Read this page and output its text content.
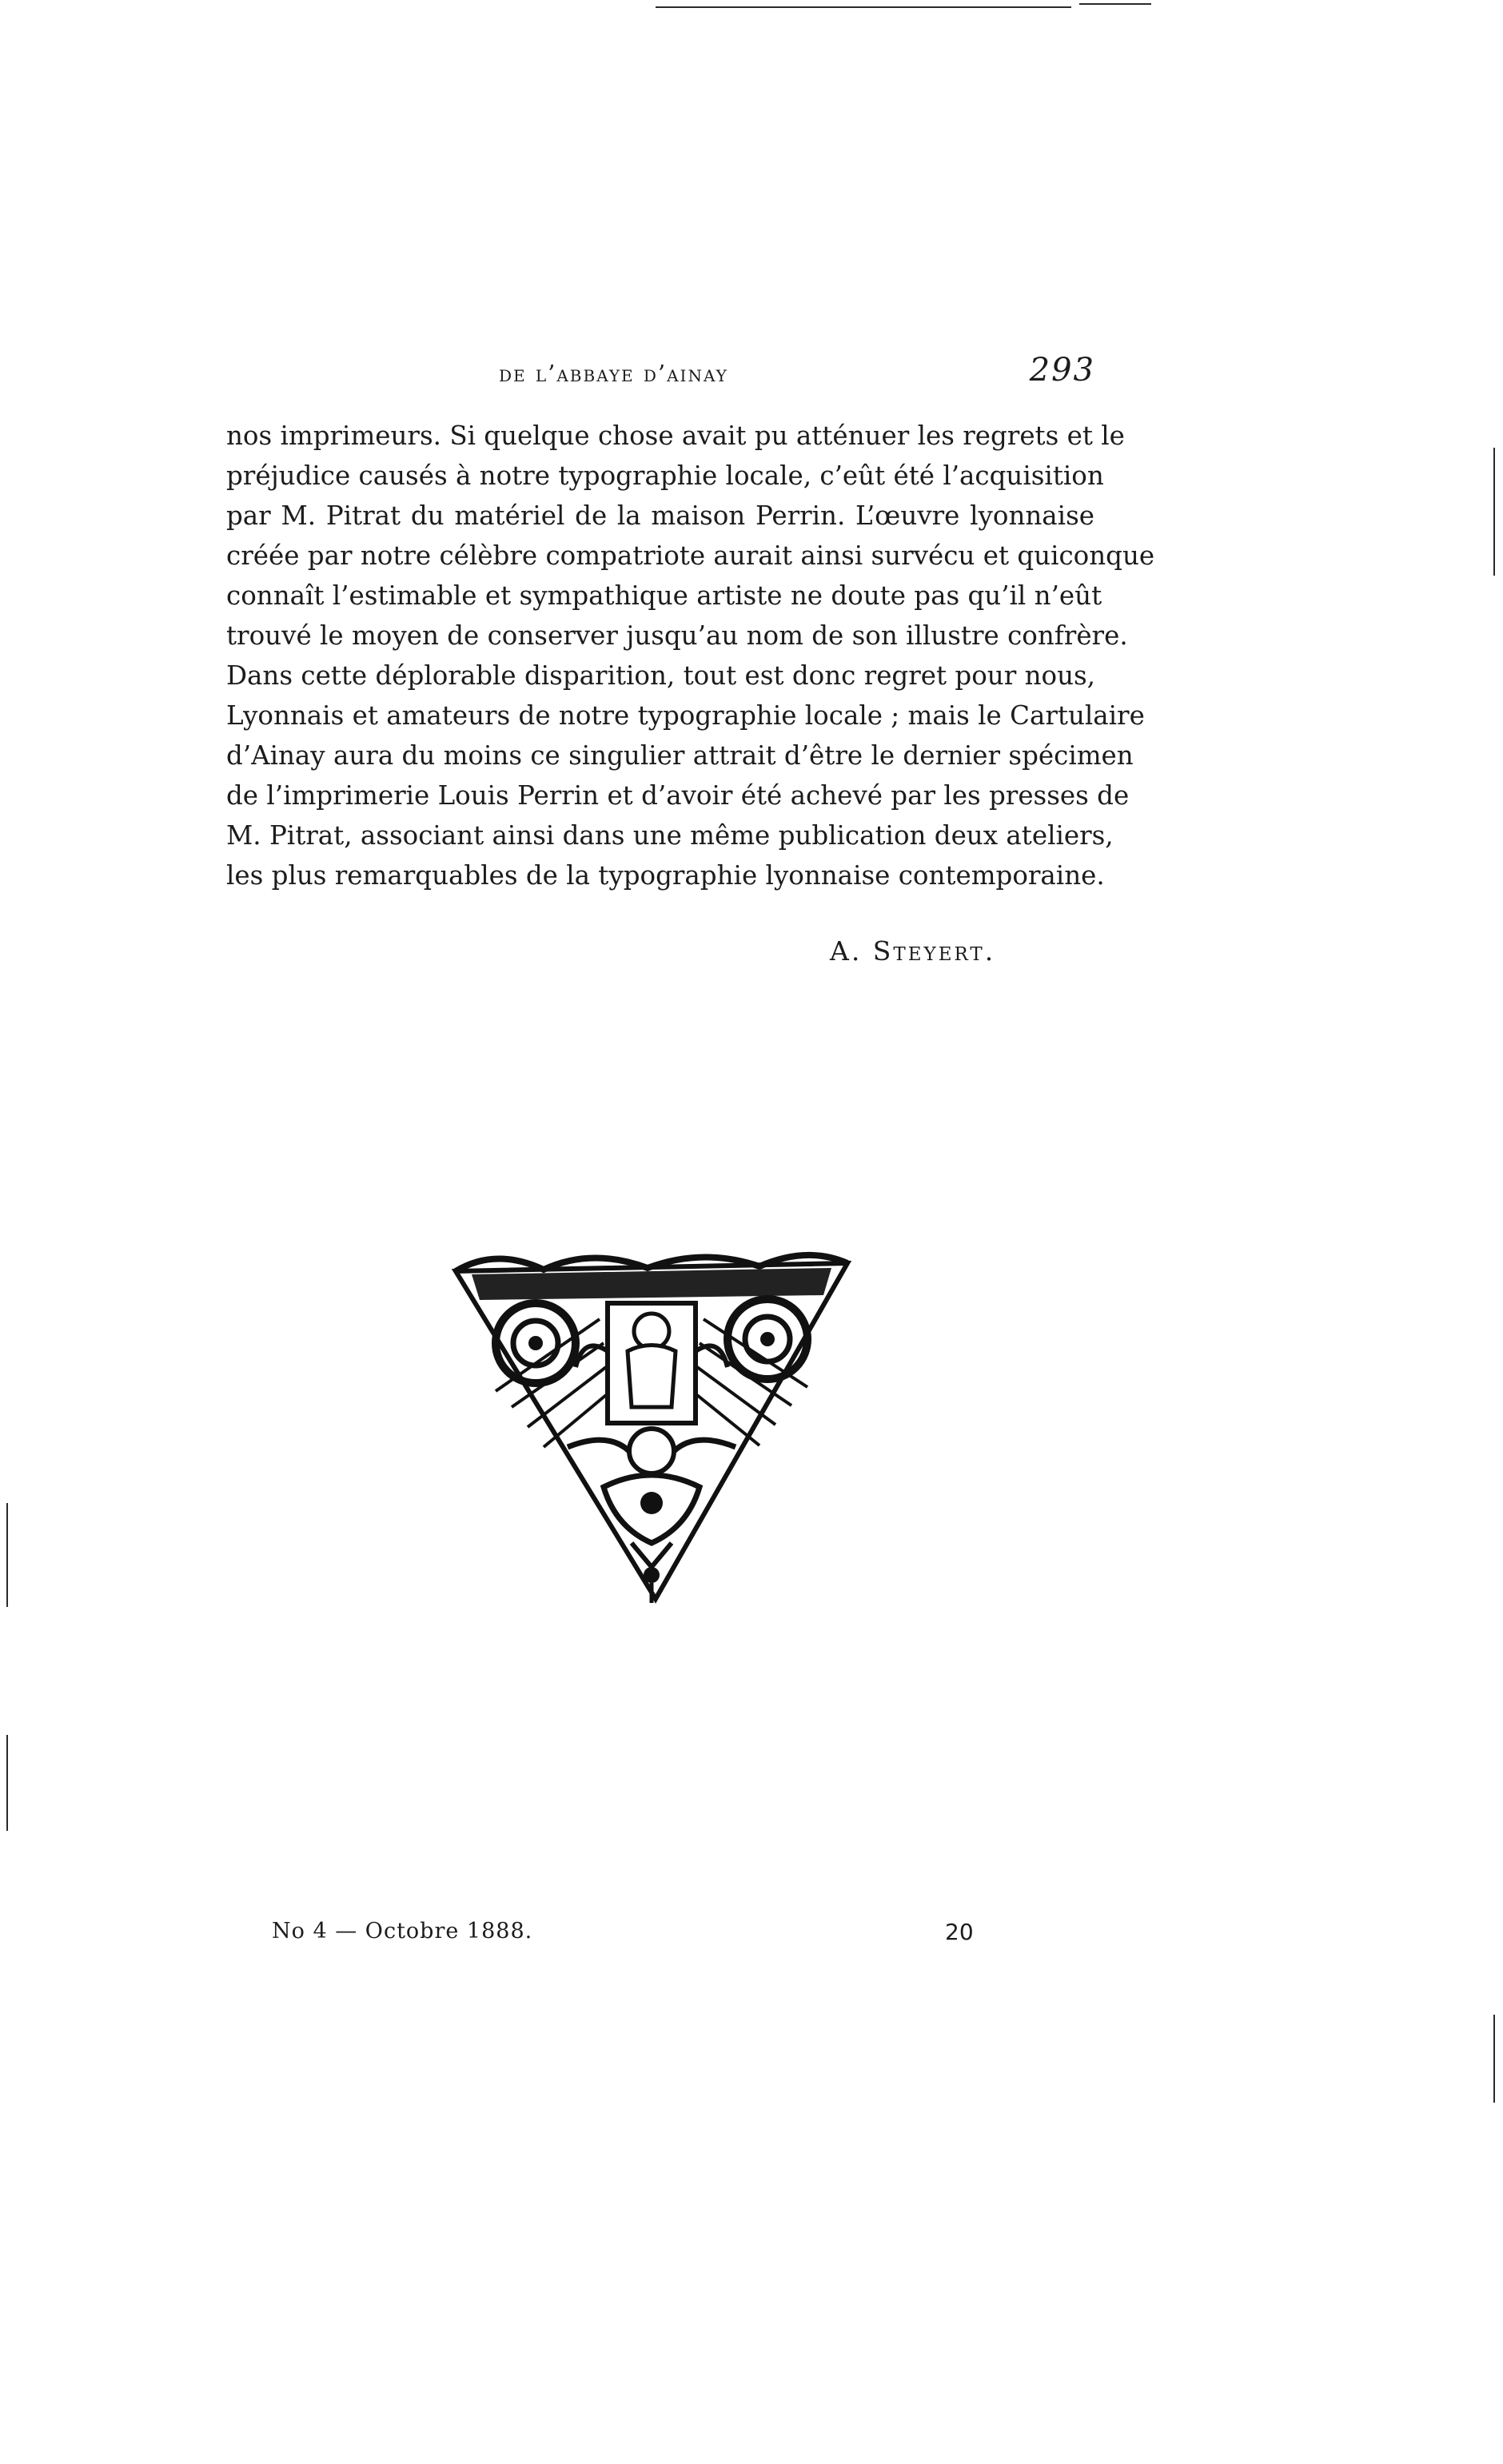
de l’abbaye d’ainay	293
nos imprimeurs. Si quelque chose avait pu atténuer les regrets et le
préjudice causés à notre typographie locale, c’eût été l’acquisition
par M. Pitrat du matériel de la maison Perrin. L’œuvre lyonnaise
créée par notre célèbre compatriote aurait ainsi survécu et quiconque
connaît l’estimable et sympathique artiste ne doute pas qu’il n’eût
trouvé le moyen de conserver jusqu’au nom de son illustre confrère.
Dans cette déplorable disparition, tout est donc regret pour nous,
Lyonnais et amateurs de notre typographie locale ; mais le Cartulaire
d’Ainay aura du moins ce singulier attrait d’être le dernier spécimen
de l’imprimerie Louis Perrin et d’avoir été achevé par les presses de
M. Pitrat, associant ainsi dans une même publication deux ateliers,
les plus remarquables de la typographie lyonnaise contemporaine.
A. Steyert.
No 4 — Octobre 1888.	20
